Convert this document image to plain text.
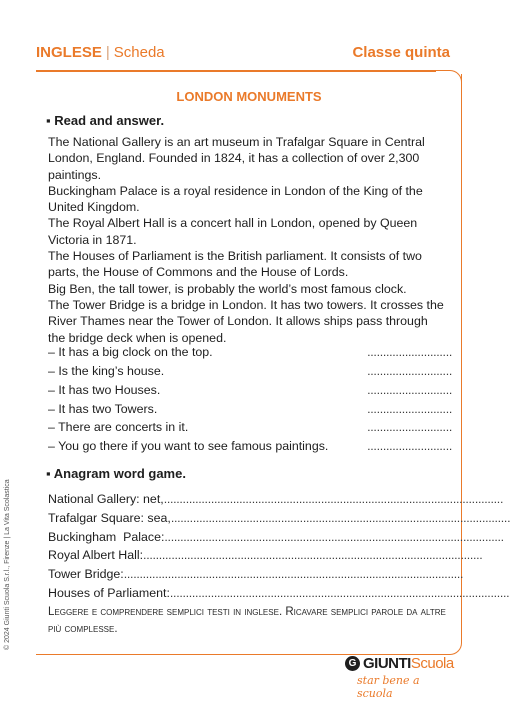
INGLESE | Scheda	Classe quinta
LONDON MONUMENTS
▪ Read and answer.

The National Gallery is an art museum in Trafalgar Square in Central London, England. Founded in 1824, it has a collection of over 2,300 paintings.

Buckingham Palace is a royal residence in London of the King of the United Kingdom.

The Royal Albert Hall is a concert hall in London, opened by Queen Victoria in 1871.

The Houses of Parliament is the British parliament. It consists of two parts, the House of Commons and the House of Lords.

Big Ben, the tall tower, is probably the world’s most famous clock.

The Tower Bridge is a bridge in London. It has two towers. It crosses the River Thames near the Tower of London. It allows ships pass through the bridge deck when is opened.

– It has a big clock on the top.	...........................
– Is the king’s house.	...........................
– It has two Houses.	...........................
– It has two Towers.	...........................
– There are concerts in it.	...........................
– You go there if you want to see famous paintings.	...........................
▪ Anagram word game.
National Gallery: net, ............................................................................................................
Trafalgar Square: sea, ............................................................................................................
Buckingham  Palace: ............................................................................................................
Royal Albert Hall: ............................................................................................................
Tower Bridge: ............................................................................................................
Houses of Parliament: ............................................................................................................
Leggere e comprendere semplici testi in inglese. Ricavare semplici parole da altre più complesse.
© 2024 Giunti Scuola S.r.l., Firenze | La Vita Scolastica
G GIUNTIScuola
star bene a scuola
